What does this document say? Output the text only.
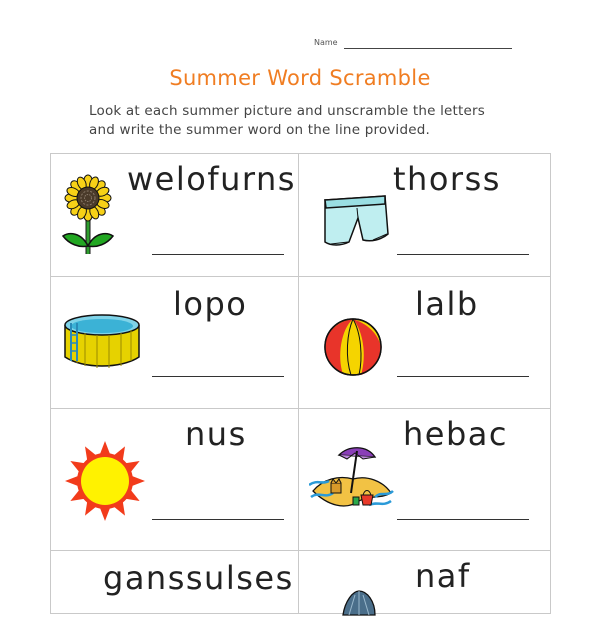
Name
Summer Word Scramble
Look at each summer picture and unscramble the letters
and write the summer word on the line provided.
welofurns	thorss
lopo	lalb
nus	hebac
ganssulses	naf
